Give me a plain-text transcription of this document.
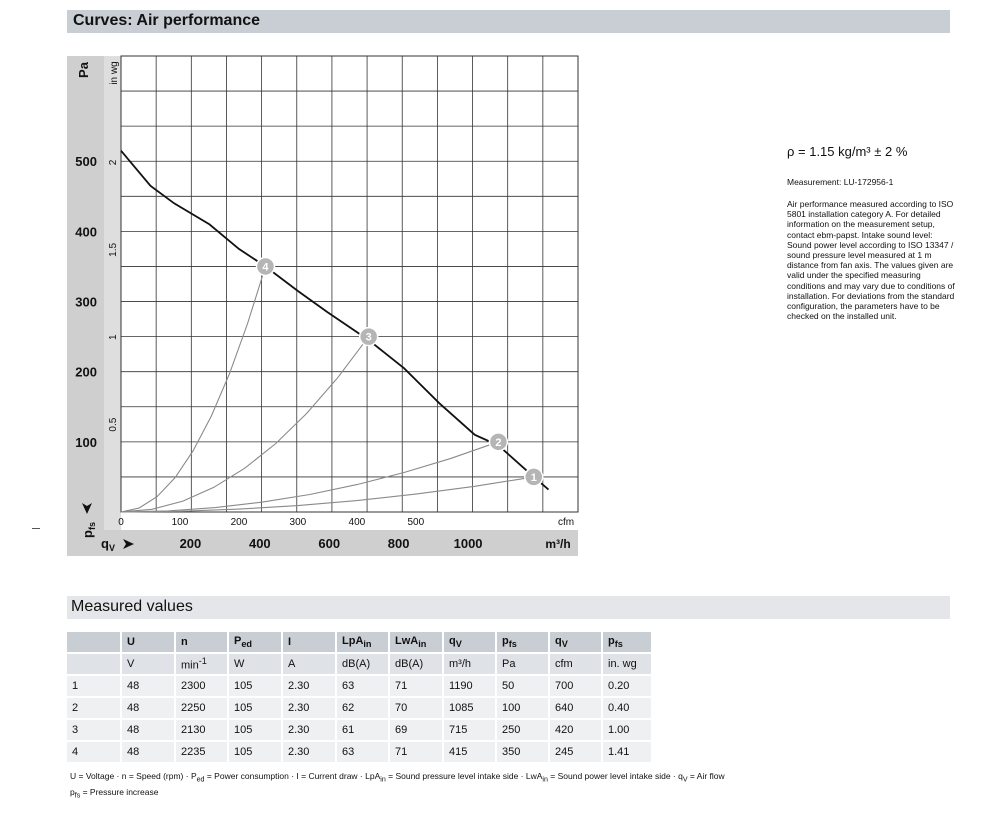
Curves: Air performance
100
200
300
400
500
0.5
1
1.5
2
Pa in wg
$p_{fs}$ 0	100	200	300	400	500	cfm
200	400	600	800	1000	m³/h
$q_V$
1
2
3
4
ρ = 1.15 kg/m³ ± 2 %
Measurement: LU-172956-1
Air performance measured according to ISO
5801 installation category A. For detailed
information on the measurement setup,
contact ebm-papst. Intake sound level:
Sound power level according to ISO 13347 /
sound pressure level measured at 1 m
distance from fan axis. The values given are
valid under the specified measuring
conditions and may vary due to conditions of
installation. For deviations from the standard
configuration, the parameters have to be
checked on the installed unit.
Measured values
	U	n	$P_{ed}$	I	LpA$_{in}$	LwA$_{in}$	$q_V$	$p_{fs}$	$q_V$	$p_{fs}$
	V	$\min^{-1}$	W	A	dB(A)	dB(A)	m³/h	Pa	cfm	in. wg
1	48	2300	105	2.30	63	71	1190	50	700	0.20
2	48	2250	105	2.30	62	70	1085	100	640	0.40
3	48	2130	105	2.30	61	69	715	250	420	1.00
4	48	2235	105	2.30	63	71	415	350	245	1.41
U = Voltage · n = Speed $(rpm) \cdot P_{ed}$ = Power consumption · I = Current draw · LpA$_{in}$ = Sound pressure level intake side · LwA$_{in}$ = Sound power level intake side · $q_V$ = Air flow
$p_{fs}$ = Pressure increase
